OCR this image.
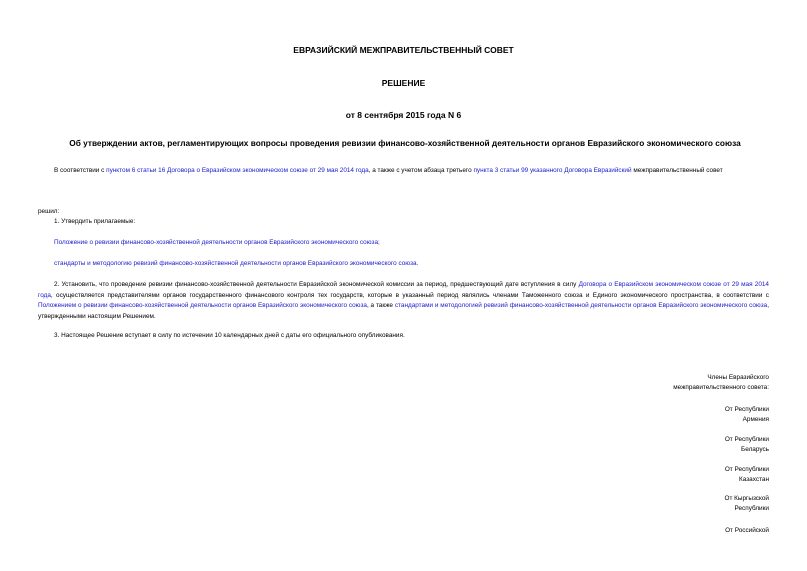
ЕВРАЗИЙСКИЙ МЕЖПРАВИТЕЛЬСТВЕННЫЙ СОВЕТ
РЕШЕНИЕ
от 8 сентября 2015 года N 6
Об утверждении актов, регламентирующих вопросы проведения ревизии финансово-хозяйственной деятельности органов Евразийского экономического союза
В соответствии с пунктом 6 статьи 16 Договора о Евразийском экономическом союзе от 29 мая 2014 года, а также с учетом абзаца третьего пункта 3 статьи 99 указанного Договора Евразийский межправительственный совет
решил:
1. Утвердить прилагаемые:
Положение о ревизии финансово-хозяйственной деятельности органов Евразийского экономического союза;
стандарты и методологию ревизий финансово-хозяйственной деятельности органов Евразийского экономического союза.
2. Установить, что проведение ревизии финансово-хозяйственной деятельности Евразийской экономической комиссии за период, предшествующий дате вступления в силу Договора о Евразийском экономическом союзе от 29 мая 2014 года, осуществляется представителями органов государственного финансового контроля тех государств, которые в указанный период являлись членами Таможенного союза и Единого экономического пространства, в соответствии с Положением о ревизии финансово-хозяйственной деятельности органов Евразийского экономического союза, а также стандартами и методологией ревизий финансово-хозяйственной деятельности органов Евразийского экономического союза, утвержденными настоящим Решением.
3. Настоящее Решение вступает в силу по истечении 10 календарных дней с даты его официального опубликования.
Члены Евразийского
межправительственного совета:
От Республики
Армения
От Республики
Беларусь
От Республики
Казахстан
От Кыргызской
Республики
От Российской
